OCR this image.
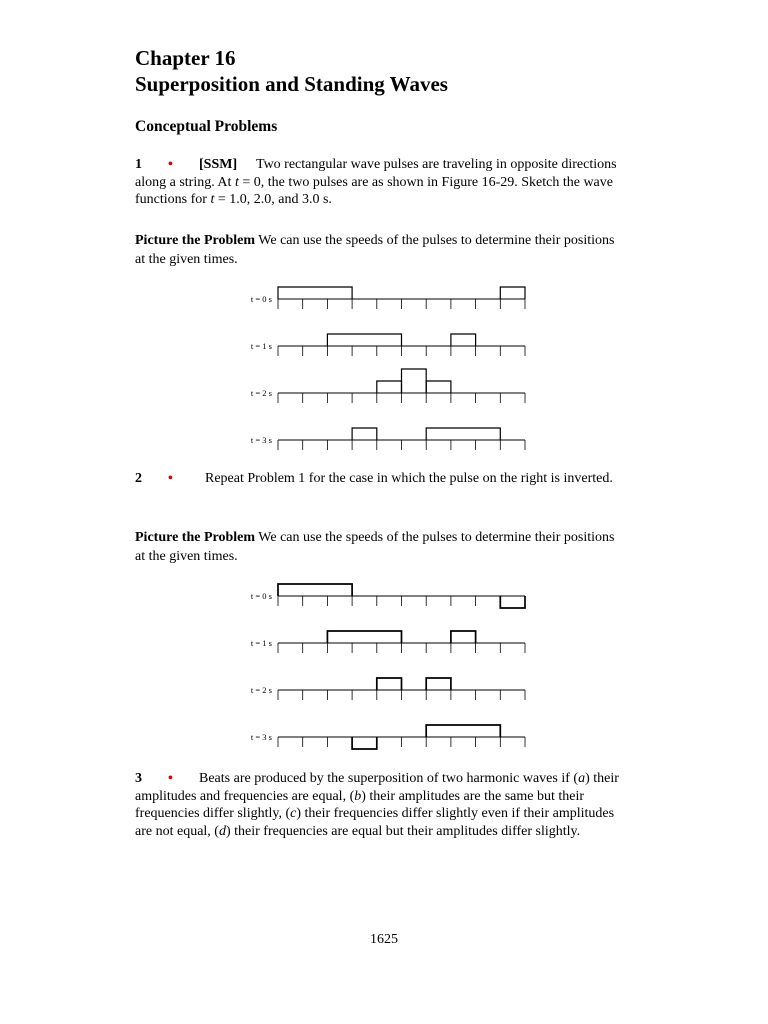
Chapter 16
Superposition and Standing Waves
Conceptual Problems

1 • [SSM] Two rectangular wave pulses are traveling in opposite directions along a string. At t = 0, the two pulses are as shown in Figure 16-29. Sketch the wave functions for t = 1.0, 2.0, and 3.0 s.

Picture the Problem We can use the speeds of the pulses to determine their positions at the given times.

t = 0 s
t = 1 s
t = 2 s
t = 3 s

2 • Repeat Problem 1 for the case in which the pulse on the right is inverted.

Picture the Problem We can use the speeds of the pulses to determine their positions at the given times.

t = 0 s
t = 1 s
t = 2 s
t = 3 s

3 • Beats are produced by the superposition of two harmonic waves if (a) their amplitudes and frequencies are equal, (b) their amplitudes are the same but their frequencies differ slightly, (c) their frequencies differ slightly even if their amplitudes are not equal, (d) their frequencies are equal but their amplitudes differ slightly.

1625
